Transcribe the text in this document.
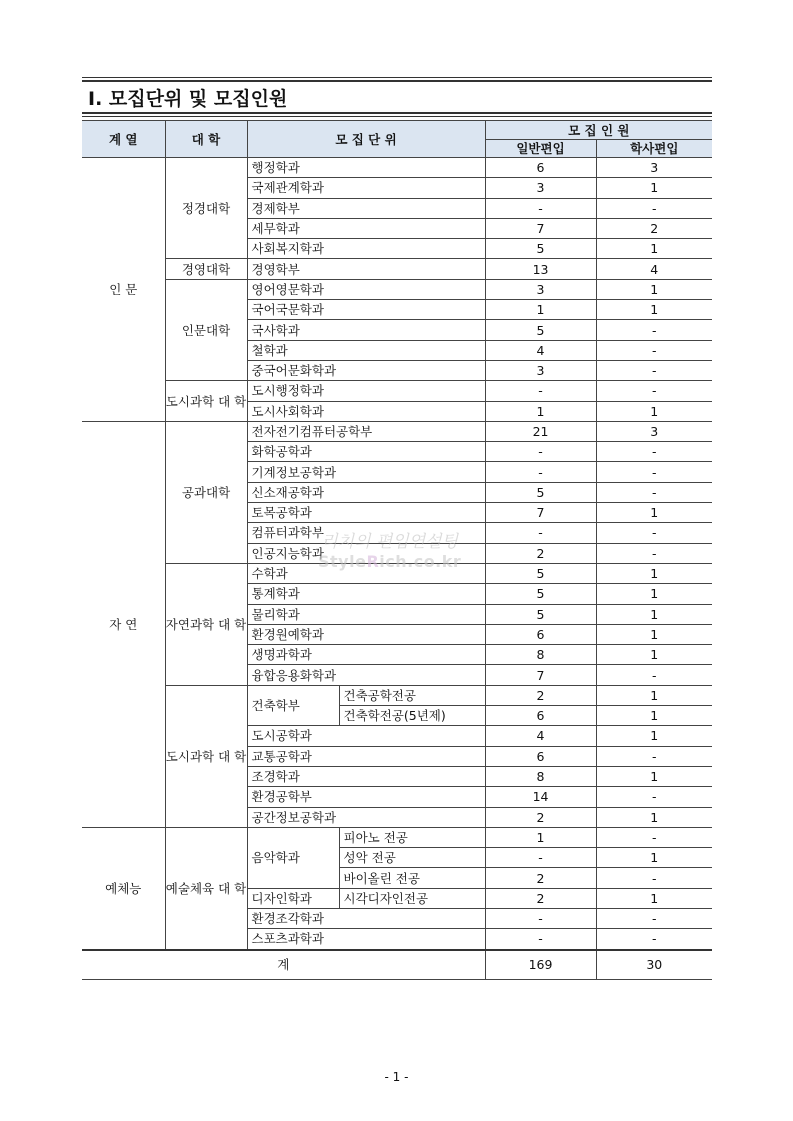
Ⅰ. 모집단위 및 모집인원
계 열	대 학	모 집 단 위		모 집 인 원	
				일반편입	학사편입
인 문	정경대학	행정학과		6	3
		국제관계학과		3	1
		경제학부		-	-
		세무학과		7	2
		사회복지학과		5	1
	경영대학	경영학부		13	4
	인문대학	영어영문학과		3	1
		국어국문학과		1	1
		국사학과		5	-
		철학과		4	-
		중국어문화학과		3	-
	도시과학 대 학	도시행정학과		-	-
		도시사회학과		1	1
자 연	공과대학	전자전기컴퓨터공학부		21	3
		화학공학과		-	-
		기계정보공학과		-	-
		신소재공학과		5	-
		토목공학과		7	1
		컴퓨터과학부		-	-
		인공지능학과		2	-
	자연과학 대 학	수학과		5	1
		통계학과		5	1
		물리학과		5	1
		환경원예학과		6	1
		생명과학과		8	1
		융합응용화학과		7	-
	도시과학 대 학	건축학부	건축공학전공	2	1
			건축학전공(5년제)	6	1
		도시공학과		4	1
		교통공학과		6	-
		조경학과		8	1
		환경공학부		14	-
		공간정보공학과		2	1
예체능	예술체육 대 학	음악학과	피아노 전공	1	-
			성악 전공	-	1
			바이올린 전공	2	-
		디자인학과	시각디자인전공	2	1
		환경조각학과		-	-
		스포츠과학과		-	-
계				169	30
리치의 편입연설팅
StyleRich.co.kr
- 1 -
